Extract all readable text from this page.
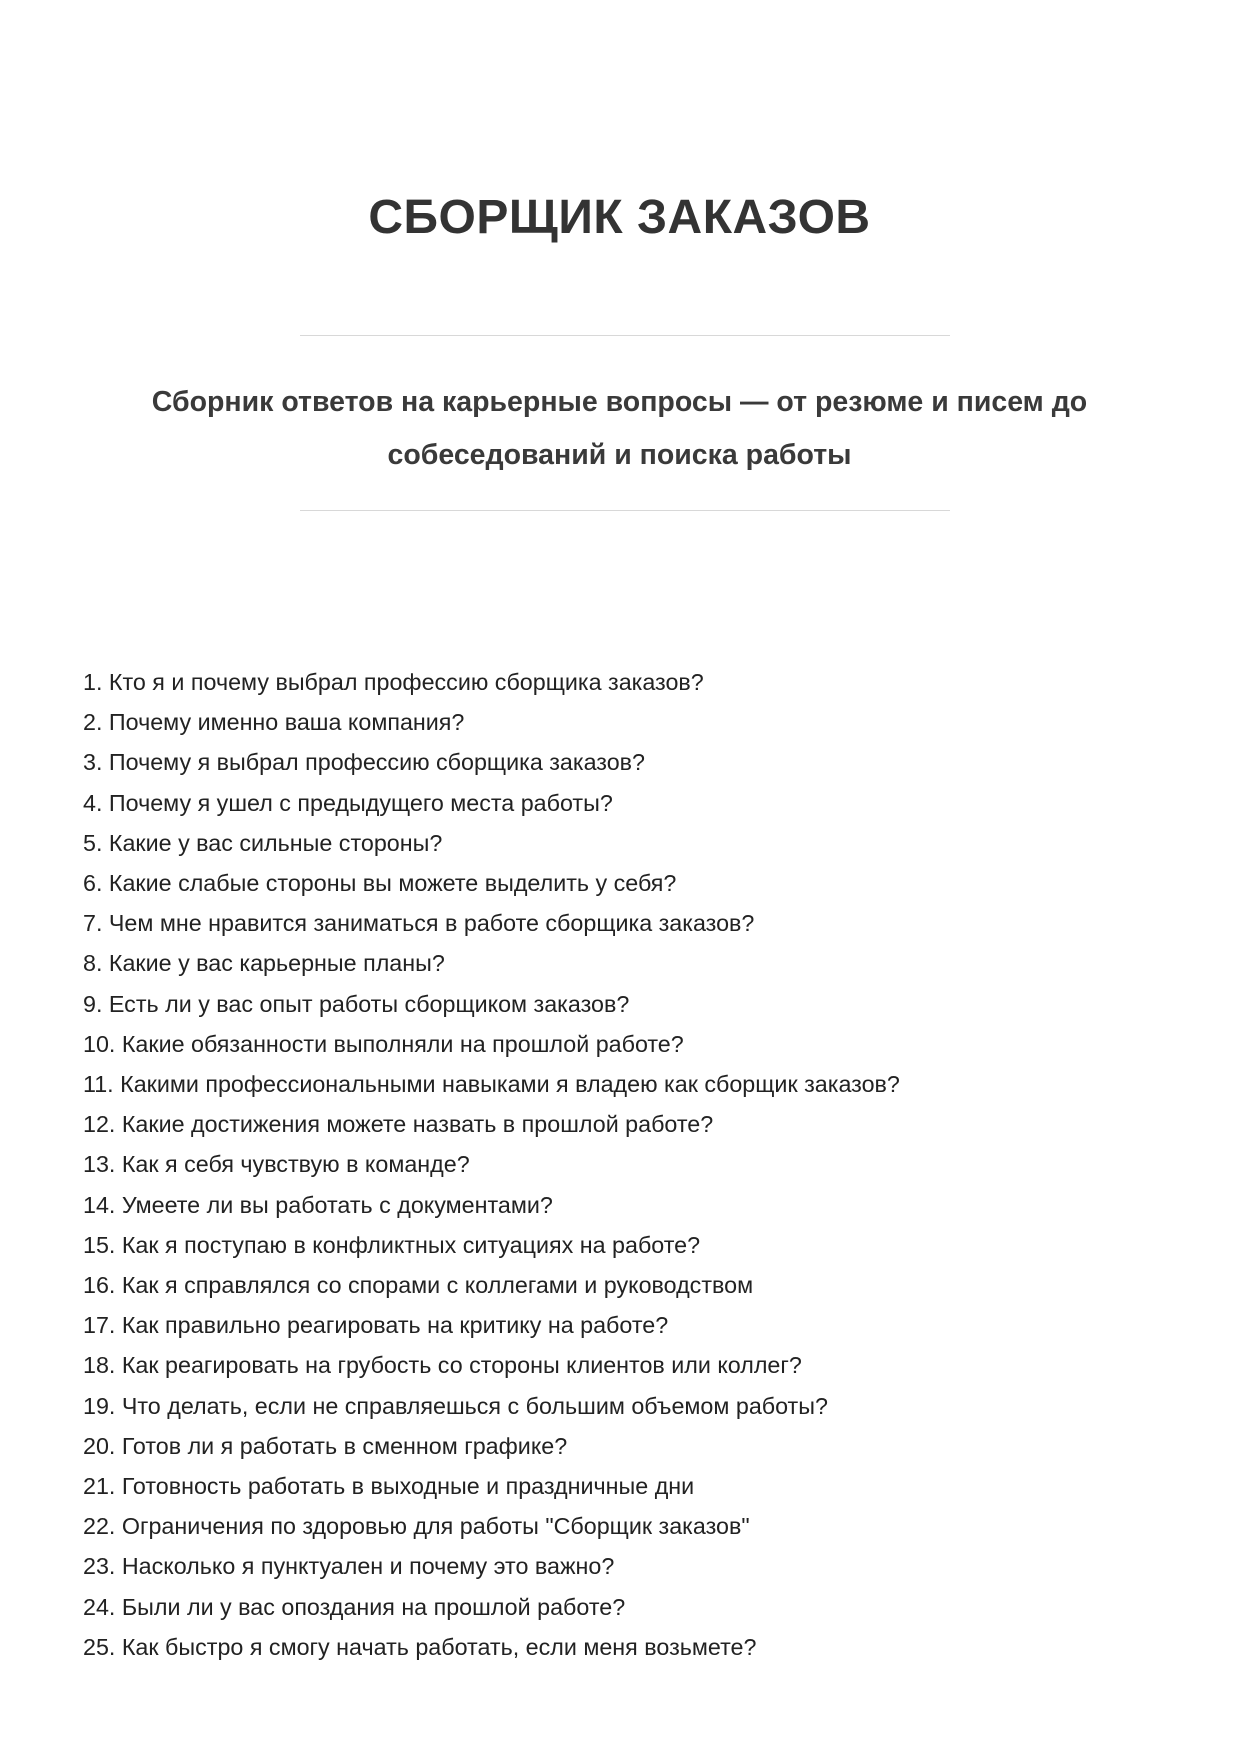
СБОРЩИК ЗАКАЗОВ
Сборник ответов на карьерные вопросы — от резюме и писем до собеседований и поиска работы
1. Кто я и почему выбрал профессию сборщика заказов?
2. Почему именно ваша компания?
3. Почему я выбрал профессию сборщика заказов?
4. Почему я ушел с предыдущего места работы?
5. Какие у вас сильные стороны?
6. Какие слабые стороны вы можете выделить у себя?
7. Чем мне нравится заниматься в работе сборщика заказов?
8. Какие у вас карьерные планы?
9. Есть ли у вас опыт работы сборщиком заказов?
10. Какие обязанности выполняли на прошлой работе?
11. Какими профессиональными навыками я владею как сборщик заказов?
12. Какие достижения можете назвать в прошлой работе?
13. Как я себя чувствую в команде?
14. Умеете ли вы работать с документами?
15. Как я поступаю в конфликтных ситуациях на работе?
16. Как я справлялся со спорами с коллегами и руководством
17. Как правильно реагировать на критику на работе?
18. Как реагировать на грубость со стороны клиентов или коллег?
19. Что делать, если не справляешься с большим объемом работы?
20. Готов ли я работать в сменном графике?
21. Готовность работать в выходные и праздничные дни
22. Ограничения по здоровью для работы "Сборщик заказов"
23. Насколько я пунктуален и почему это важно?
24. Были ли у вас опоздания на прошлой работе?
25. Как быстро я смогу начать работать, если меня возьмете?
